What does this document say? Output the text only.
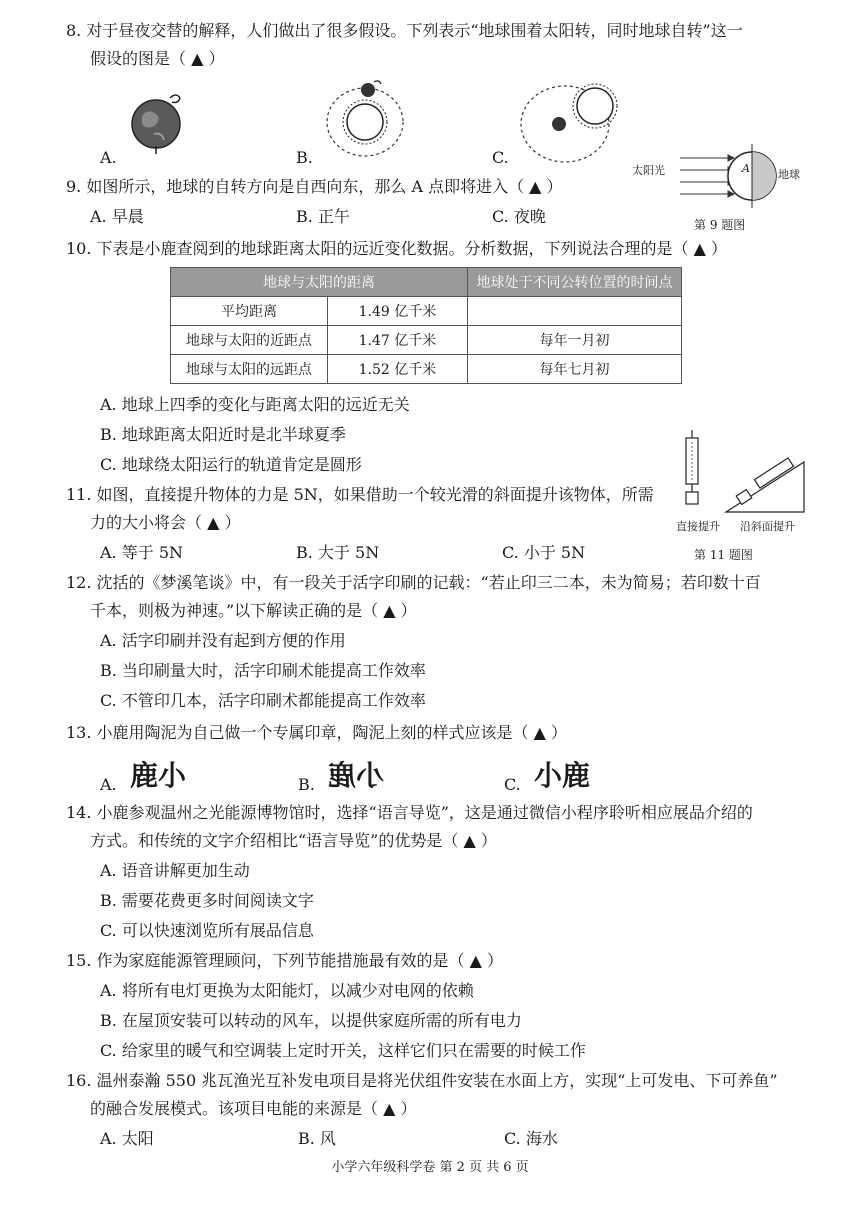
8. 对于昼夜交替的解释，人们做出了很多假设。下列表示“地球围着太阳转，同时地球自转”这一
假设的图是（ ▲ ）
A.	B.	C.
太阳光	地球
A
第 9 题图
9. 如图所示，地球的自转方向是自西向东，那么 A 点即将进入（ ▲ ）
A. 早晨	B. 正午	C. 夜晚
10. 下表是小鹿查阅到的地球距离太阳的远近变化数据。分析数据，下列说法合理的是（ ▲ ）
地球与太阳的距离		地球处于不同公转位置的时间点
平均距离	1.49 亿千米	
地球与太阳的近距点	1.47 亿千米	每年一月初
地球与太阳的远距点	1.52 亿千米	每年七月初
A. 地球上四季的变化与距离太阳的远近无关
B. 地球距离太阳近时是北半球夏季
C. 地球绕太阳运行的轨道肯定是圆形
直接提升 沿斜面提升
第 11 题图
11. 如图，直接提升物体的力是 5N，如果借助一个较光滑的斜面提升该物体，所需
力的大小将会（ ▲ ）
A. 等于 5N	B. 大于 5N	C. 小于 5N
12. 沈括的《梦溪笔谈》中，有一段关于活字印刷的记载：“若止印三二本，未为简易；若印数十百
千本，则极为神速。”以下解读正确的是（ ▲ ）
A. 活字印刷并没有起到方便的作用
B. 当印刷量大时，活字印刷术能提高工作效率
C. 不管印几本，活字印刷术都能提高工作效率
13. 小鹿用陶泥为自己做一个专属印章，陶泥上刻的样式应该是（ ▲ ）
A. 鹿小	B. 小鹿	C. 小鹿
14. 小鹿参观温州之光能源博物馆时，选择“语言导览”，这是通过微信小程序聆听相应展品介绍的
方式。和传统的文字介绍相比“语言导览”的优势是（ ▲ ）
A. 语音讲解更加生动
B. 需要花费更多时间阅读文字
C. 可以快速浏览所有展品信息
15. 作为家庭能源管理顾问，下列节能措施最有效的是（ ▲ ）
A. 将所有电灯更换为太阳能灯，以减少对电网的依赖
B. 在屋顶安装可以转动的风车，以提供家庭所需的所有电力
C. 给家里的暖气和空调装上定时开关，这样它们只在需要的时候工作
16. 温州泰瀚 550 兆瓦渔光互补发电项目是将光伏组件安装在水面上方，实现“上可发电、下可养鱼”
的融合发展模式。该项目电能的来源是（ ▲ ）
A. 太阳	B. 风	C. 海水
小学六年级科学卷 第 2 页 共 6 页
